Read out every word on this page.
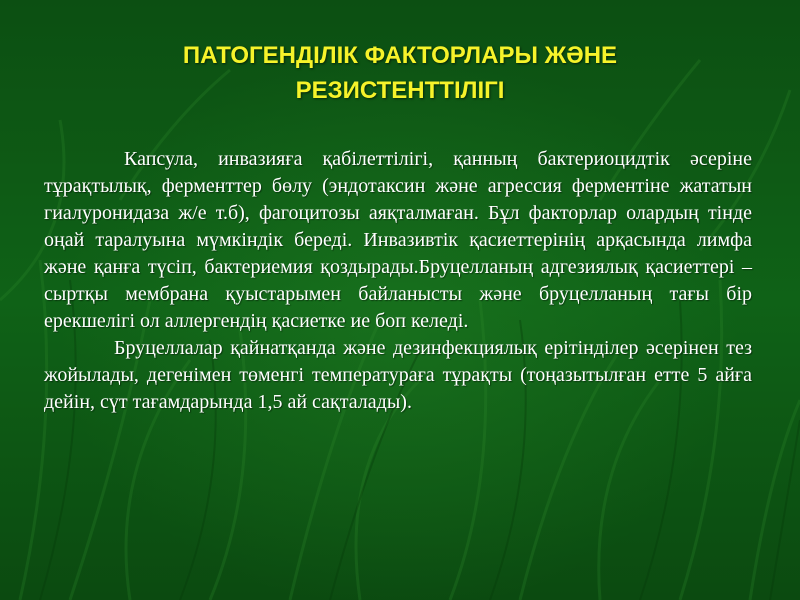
ПАТОГЕНДІЛІК ФАКТОРЛАРЫ ЖӘНЕ
РЕЗИСТЕНТТІЛІГІ

Капсула, инвазияға қабілеттілігі, қанның бактериоцидтік әсеріне тұрақтылық, ферменттер бөлу (эндотаксин және агрессия ферментіне жататын гиалуронидаза ж/е т.б), фагоцитозы аяқталмаған. Бұл факторлар олардың тінде оңай таралуына мүмкіндік береді. Инвазивтік қасиеттерінің арқасында лимфа және қанға түсіп, бактериемия қоздырады.Бруцелланың адгезиялық қасиеттері – сыртқы мембрана қуыстарымен байланысты және бруцелланың тағы бір ерекшелігі ол аллергендің қасиетке ие боп келеді.

Бруцеллалар қайнатқанда және дезинфекциялық ерітінділер әсерінен тез жойылады, дегенімен төменгі температураға тұрақты (тоңазытылған етте 5 айға дейін, сүт тағамдарында 1,5 ай сақталады).
